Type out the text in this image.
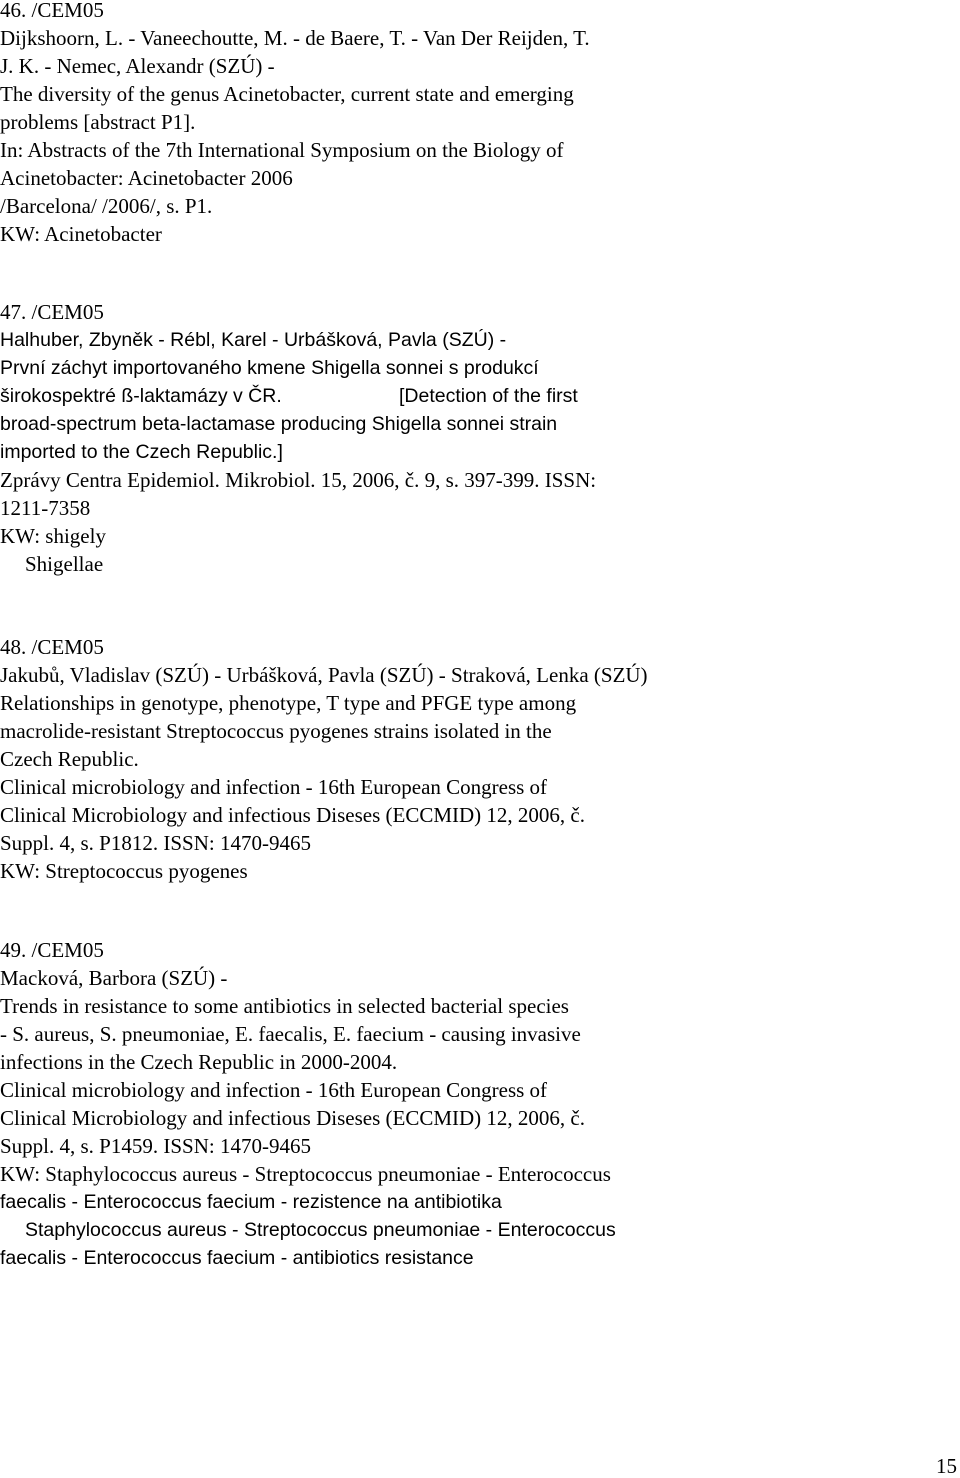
46. /CEM05

Dijkshoorn, L. - Vaneechoutte, M. - de Baere, T. - Van Der Reijden, T.

J. K. - Nemec, Alexandr (SZÚ) -

The diversity of the genus Acinetobacter, current state and emerging

problems [abstract P1].

In: Abstracts of the 7th International Symposium on the Biology of

Acinetobacter: Acinetobacter 2006

/Barcelona/ /2006/, s. P1.

KW: Acinetobacter

47. /CEM05

Halhuber, Zbyněk - Rébl, Karel - Urbášková, Pavla (SZÚ) -

První záchyt importovaného kmene Shigella sonnei s produkcí

širokospektré ß-laktamázy v ČR.	[Detection of the first

broad-spectrum beta-lactamase producing Shigella sonnei strain

imported to the Czech Republic.]

Zprávy Centra Epidemiol. Mikrobiol. 15, 2006, č. 9, s. 397-399. ISSN:

1211-7358

KW: shigely

Shigellae

48. /CEM05

Jakubů, Vladislav (SZÚ) - Urbášková, Pavla (SZÚ) - Straková, Lenka (SZÚ)

Relationships in genotype, phenotype, T type and PFGE type among

macrolide-resistant Streptococcus pyogenes strains isolated in the

Czech Republic.

Clinical microbiology and infection - 16th European Congress of

Clinical Microbiology and infectious Diseses (ECCMID) 12, 2006, č.

Suppl. 4, s. P1812. ISSN: 1470-9465

KW: Streptococcus pyogenes

49. /CEM05

Macková, Barbora (SZÚ) -

Trends in resistance to some antibiotics in selected bacterial species

- S. aureus, S. pneumoniae, E. faecalis, E. faecium - causing invasive

infections in the Czech Republic in 2000-2004.

Clinical microbiology and infection - 16th European Congress of

Clinical Microbiology and infectious Diseses (ECCMID) 12, 2006, č.

Suppl. 4, s. P1459. ISSN: 1470-9465

KW: Staphylococcus aureus - Streptococcus pneumoniae - Enterococcus

faecalis - Enterococcus faecium - rezistence na antibiotika

Staphylococcus aureus - Streptococcus pneumoniae - Enterococcus

faecalis - Enterococcus faecium - antibiotics resistance

15
